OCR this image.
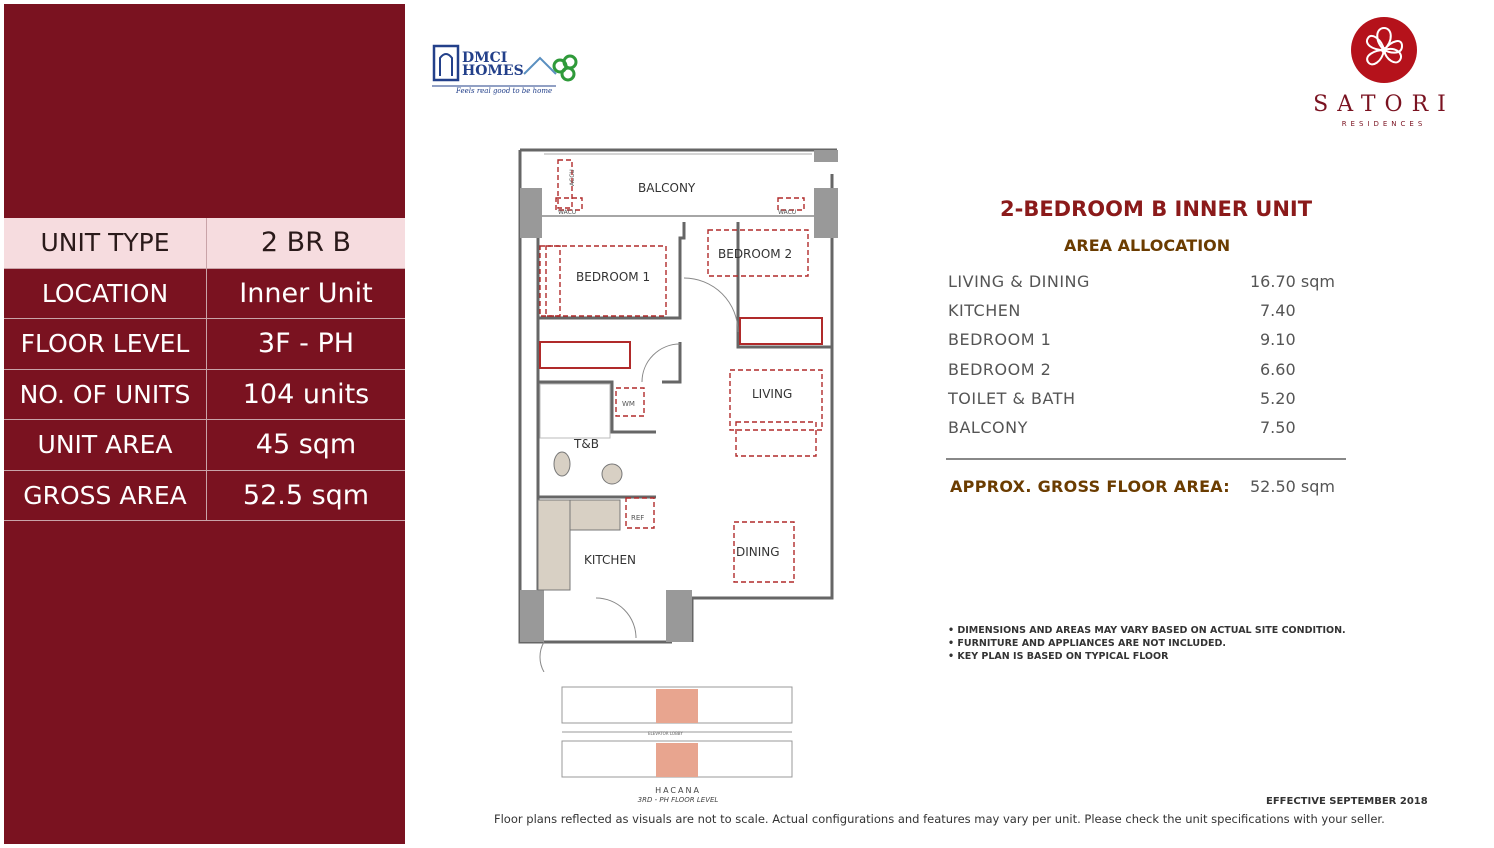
UNIT TYPE	2 BR B
LOCATION	Inner Unit
FLOOR LEVEL	3F - PH
NO. OF UNITS	104 units
UNIT AREA	45 sqm
GROSS AREA	52.5 sqm
DMCI
HOMES
Feels real good to be home
SATORI
RESIDENCES
BALCONY
BEDROOM 1
BEDROOM 2
LIVING
T&B
KITCHEN
DINING
WACU	WACU
ACCU
WM
REF
ELEVATOR LOBBY
HACANA
3RD - PH FLOOR LEVEL
2-BEDROOM B INNER UNIT
AREA ALLOCATION
LIVING & DINING	16.70 sqm
KITCHEN	7.40
BEDROOM 1	9.10
BEDROOM 2	6.60
TOILET & BATH	5.20
BALCONY	7.50
APPROX. GROSS FLOOR AREA: 52.50 sqm
• DIMENSIONS AND AREAS MAY VARY BASED ON ACTUAL SITE CONDITION.
• FURNITURE AND APPLIANCES ARE NOT INCLUDED.
• KEY PLAN IS BASED ON TYPICAL FLOOR
EFFECTIVE SEPTEMBER 2018
Floor plans reflected as visuals are not to scale. Actual configurations and features may vary per unit. Please check the unit specifications with your seller.
